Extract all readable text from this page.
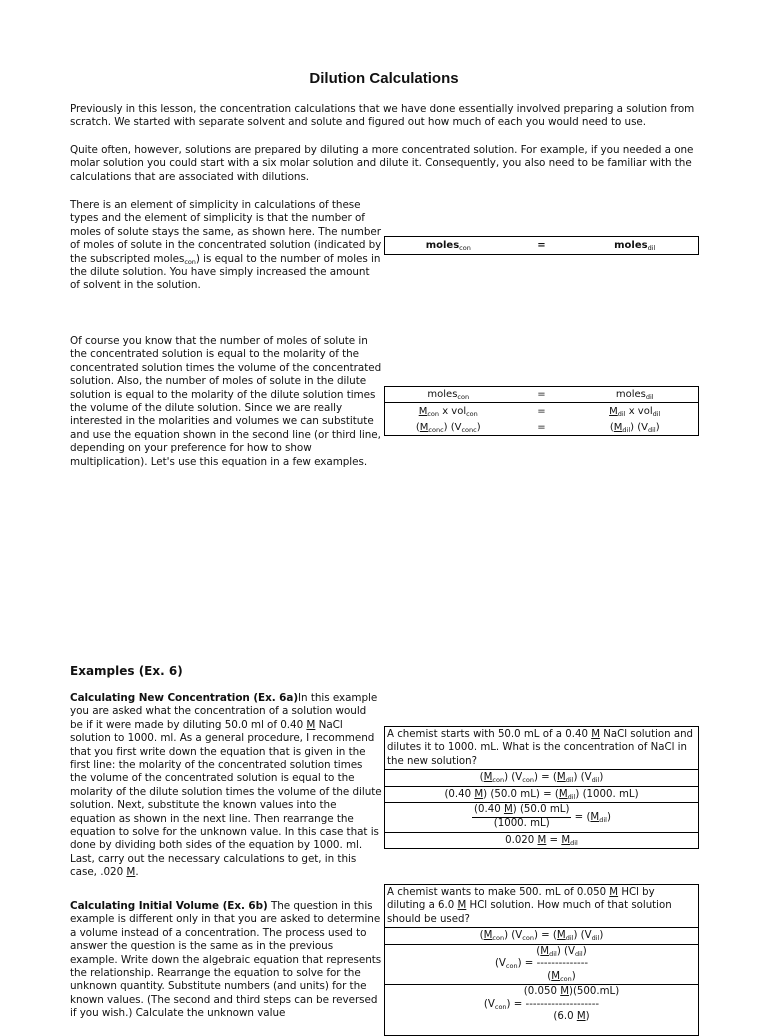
Dilution Calculations

Previously in this lesson, the concentration calculations that we have done essentially involved preparing a solution from scratch. We started with separate solvent and solute and figured out how much of each you would need to use.

Quite often, however, solutions are prepared by diluting a more concentrated solution. For example, if you needed a one molar solution you could start with a six molar solution and dilute it. Consequently, you also need to be familiar with the calculations that are associated with dilutions.

There is an element of simplicity in calculations of these types and the element of simplicity is that the number of moles of solute stays the same, as shown here. The number of moles of solute in the concentrated solution (indicated by the subscripted moles$_{con}$) is equal to the number of moles in the dilute solution. You have simply increased the amount of solvent in the solution.

moles$_{con}$	=	moles$_{dil}$

Of course you know that the number of moles of solute in the concentrated solution is equal to the molarity of the concentrated solution times the volume of the concentrated solution. Also, the number of moles of solute in the dilute solution is equal to the molarity of the dilute solution times the volume of the dilute solution. Since we are really interested in the molarities and volumes we can substitute and use the equation shown in the second line (or third line, depending on your preference for how to show multiplication). Let's use this equation in a few examples.

moles$_{con}$	=	moles$_{dil}$
$M_{con}$ x vol$_{con}$	=	$M_{dil}$ x vol$_{dil}$
$(M_{conc})$ $(V_{conc})$	=	$(M_{dil})$ $(V_{dil})$
Examples (Ex. 6)

Calculating New Concentration (Ex. 6a)In this example you are asked what the concentration of a solution would be if it were made by diluting 50.0 ml of 0.40 M NaCl solution to 1000. ml. As a general procedure, I recommend that you first write down the equation that is given in the first line: the molarity of the concentrated solution times the volume of the concentrated solution is equal to the molarity of the dilute solution times the volume of the dilute solution. Next, substitute the known values into the equation as shown in the next line. Then rearrange the equation to solve for the unknown value. In this case that is done by dividing both sides of the equation by 1000. ml. Last, carry out the necessary calculations to get, in this case, .020 M.

A chemist starts with 50.0 mL of a 0.40 M NaCl solution and dilutes it to 1000. mL. What is the concentration of NaCl in the new solution?
$(M_{con}) (V_{con}) = (M_{dil})$ $(V_{dil})$
(0.40 M) (50.0 $mL) = (M_{dil})$ (1000. mL)
$\frac{(0.40 M) (50.0 mL)}{(1000. mL)} = (M_{dil})$
0.020 $M = M_{dil}$

Calculating Initial Volume (Ex. 6b) The question in this example is different only in that you are asked to determine a volume instead of a concentration. The process used to answer the question is the same as in the previous example. Write down the algebraic equation that represents the relationship. Rearrange the equation to solve for the unknown quantity. Substitute numbers (and units) for the known values. (The second and third steps can be reversed if you wish.) Calculate the unknown value

A chemist wants to make 500. mL of 0.050 M HCl by diluting a 6.0 M HCl solution. How much of that solution should be used?
$(M_{con}) (V_{con}) = (M_{dil})$ $(V_{dil})$
$(M_{dil})$ $(V_{dil})$
$(V_{con})$ = --------------
$(M_{con})$
(0.050 M)(500.mL)
$(V_{con})$ = --------------------
(6.0 M)
